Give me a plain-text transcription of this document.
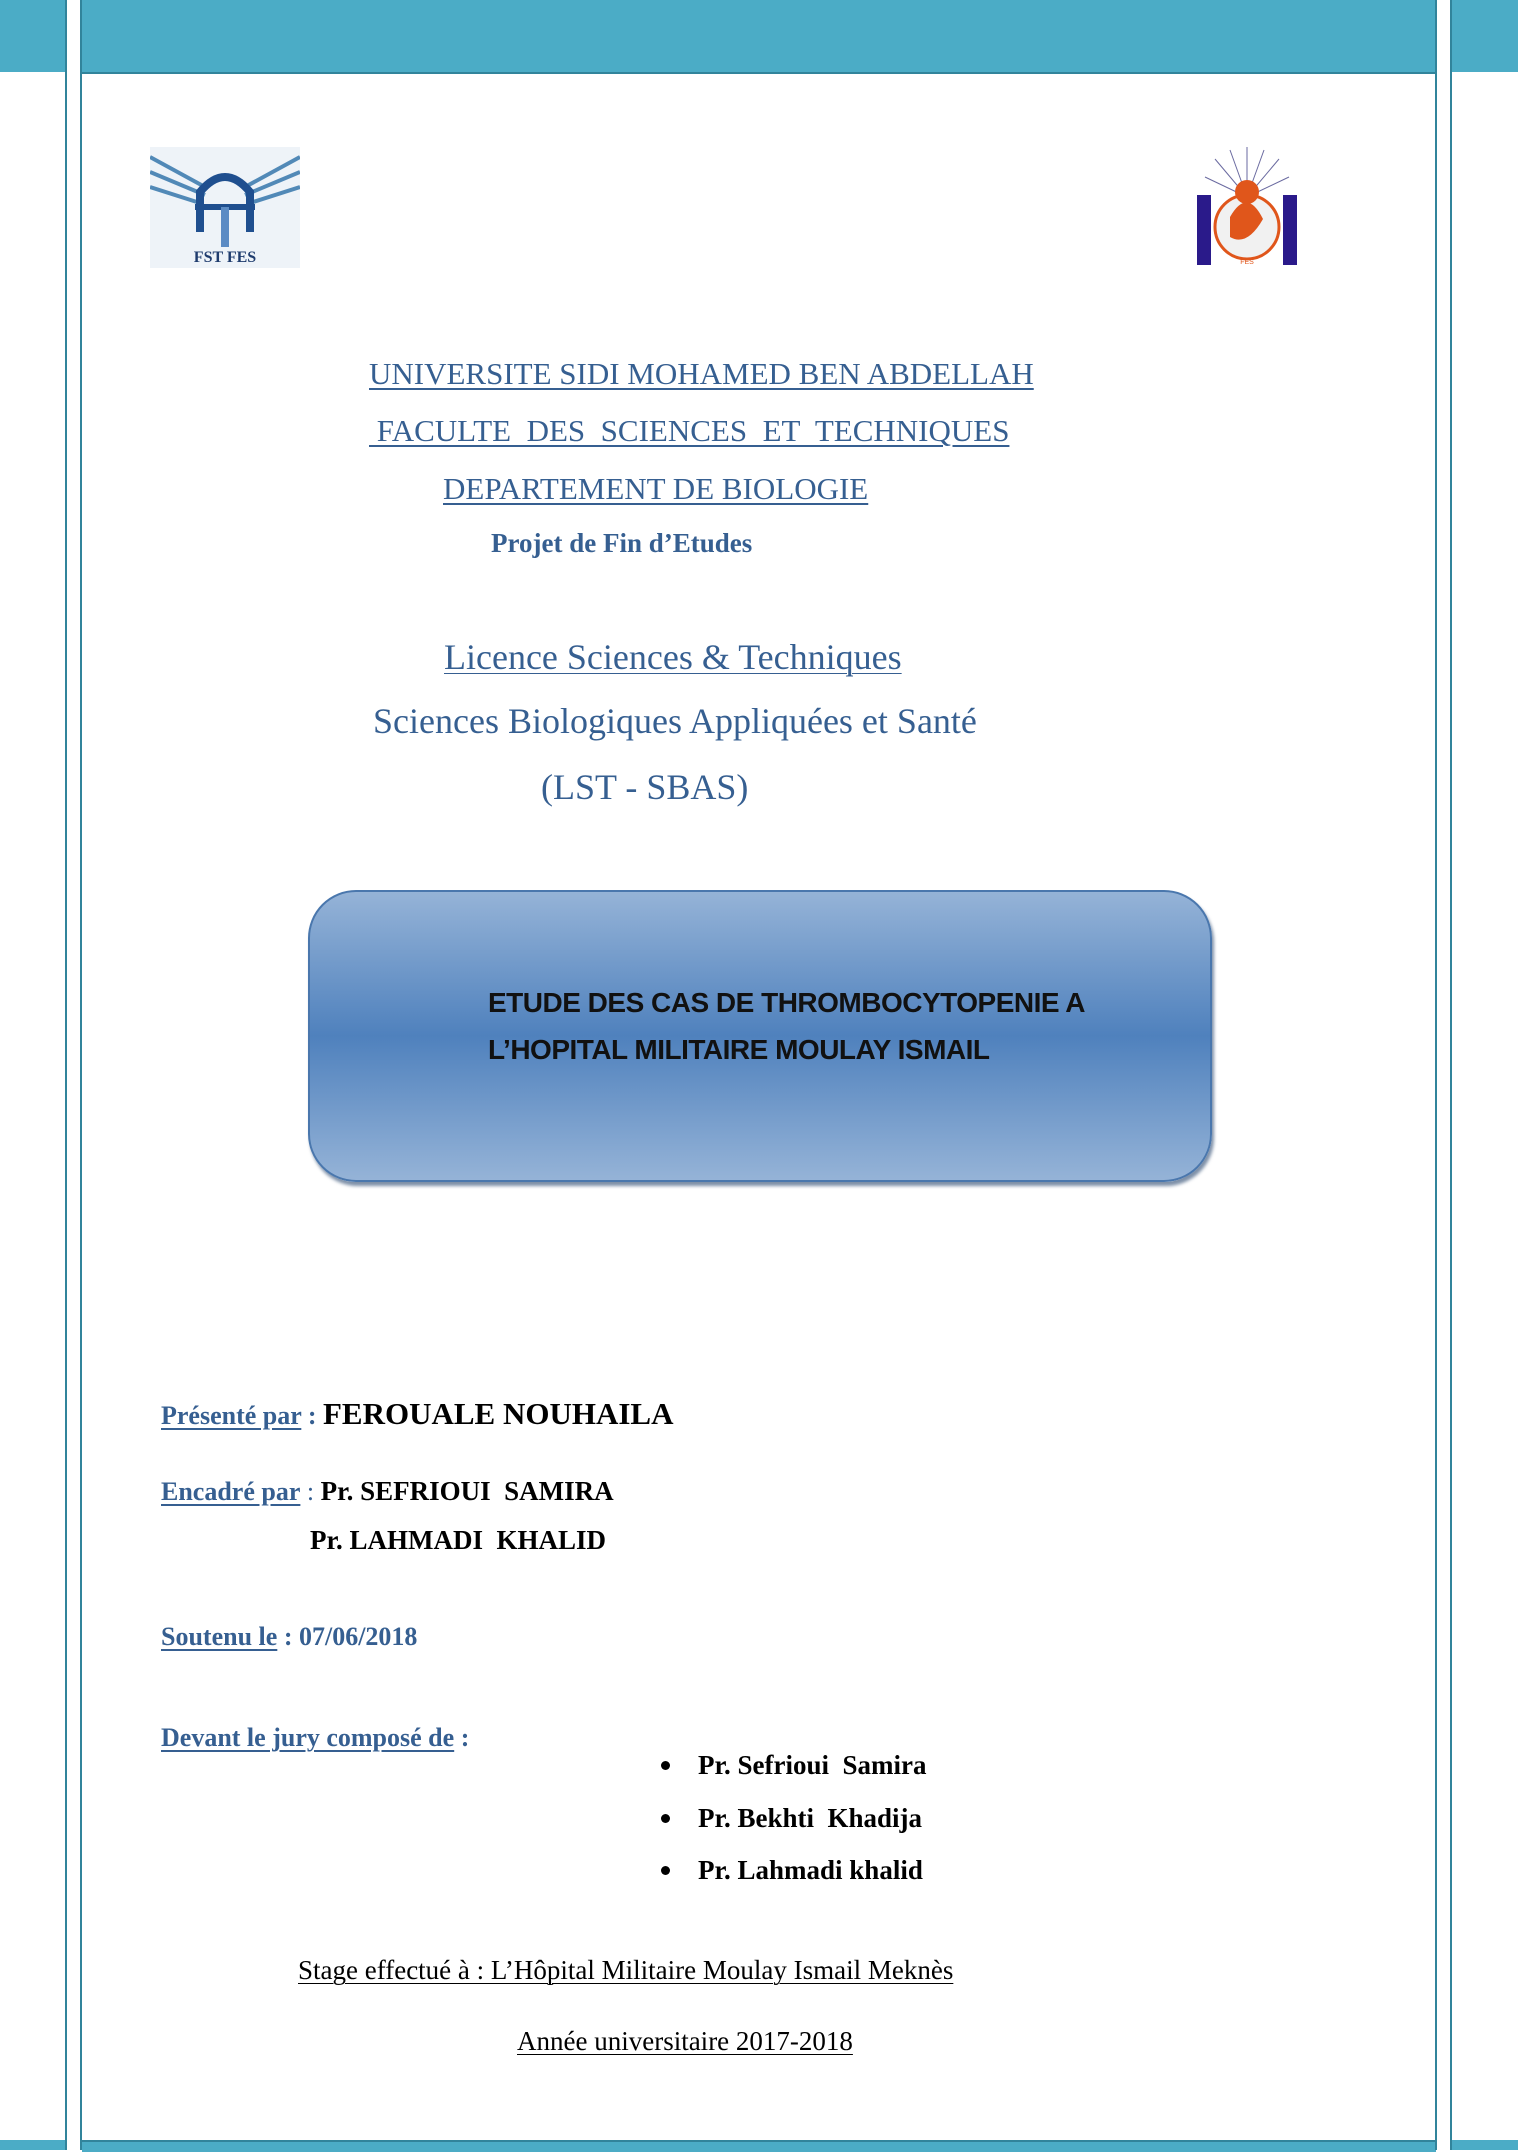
FST FES	FES
UNIVERSITE SIDI MOHAMED BEN ABDELLAH
FACULTE  DES  SCIENCES  ET  TECHNIQUES
DEPARTEMENT DE BIOLOGIE
Projet de Fin d’Etudes
Licence Sciences & Techniques
Sciences Biologiques Appliquées et Santé
(LST - SBAS)
ETUDE DES CAS DE THROMBOCYTOPENIE A
L’HOPITAL MILITAIRE MOULAY ISMAIL

Présenté par : FEROUALE NOUHAILA

Encadré par : Pr. SEFRIOUI  SAMIRA

Pr. LAHMADI  KHALID

Soutenu le : 07/06/2018

Devant le jury composé de :

Pr. Sefrioui  Samira
Pr. Bekhti  Khadija
Pr. Lahmadi khalid
Stage effectué à : L’Hôpital Militaire Moulay Ismail Meknès
Année universitaire 2017-2018
